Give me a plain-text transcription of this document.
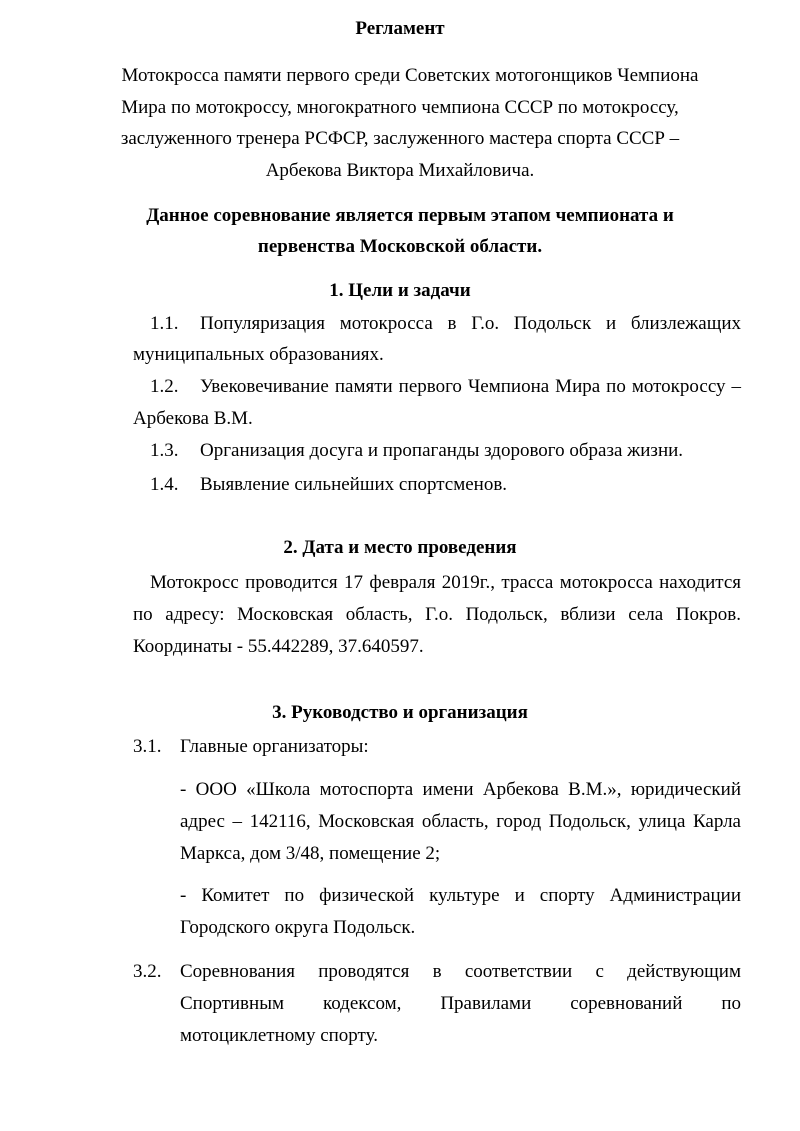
Регламент
Мотокросса памяти первого среди Советских мотогонщиков Чемпиона
Мира по мотокроссу, многократного чемпиона СССР по мотокроссу,
заслуженного тренера РСФСР, заслуженного мастера спорта СССР –
Арбекова Виктора Михайловича.
Данное соревнование является первым этапом чемпионата и
первенства Московской области.
1. Цели и задачи
1.1. Популяризация мотокросса в Г.о. Подольск и близлежащих
муниципальных образованиях.
1.2. Увековечивание памяти первого Чемпиона Мира по мотокроссу –
Арбекова В.М.
1.3. Организация досуга и пропаганды здорового образа жизни.
1.4. Выявление сильнейших спортсменов.
2. Дата и место проведения
Мотокросс проводится 17 февраля 2019г., трасса мотокросса находится
по адресу: Московская область, Г.о. Подольск, вблизи села Покров.
Координаты - 55.442289, 37.640597.
3. Руководство и организация
3.1. Главные организаторы:
- ООО «Школа мотоспорта имени Арбекова В.М.», юридический
адрес – 142116, Московская область, город Подольск, улица Карла
Маркса, дом 3/48, помещение 2;
- Комитет по физической культуре и спорту Администрации
Городского округа Подольск.
3.2. Соревнования проводятся в соответствии с действующим
Спортивным кодексом, Правилами соревнований по
мотоциклетному спорту.
